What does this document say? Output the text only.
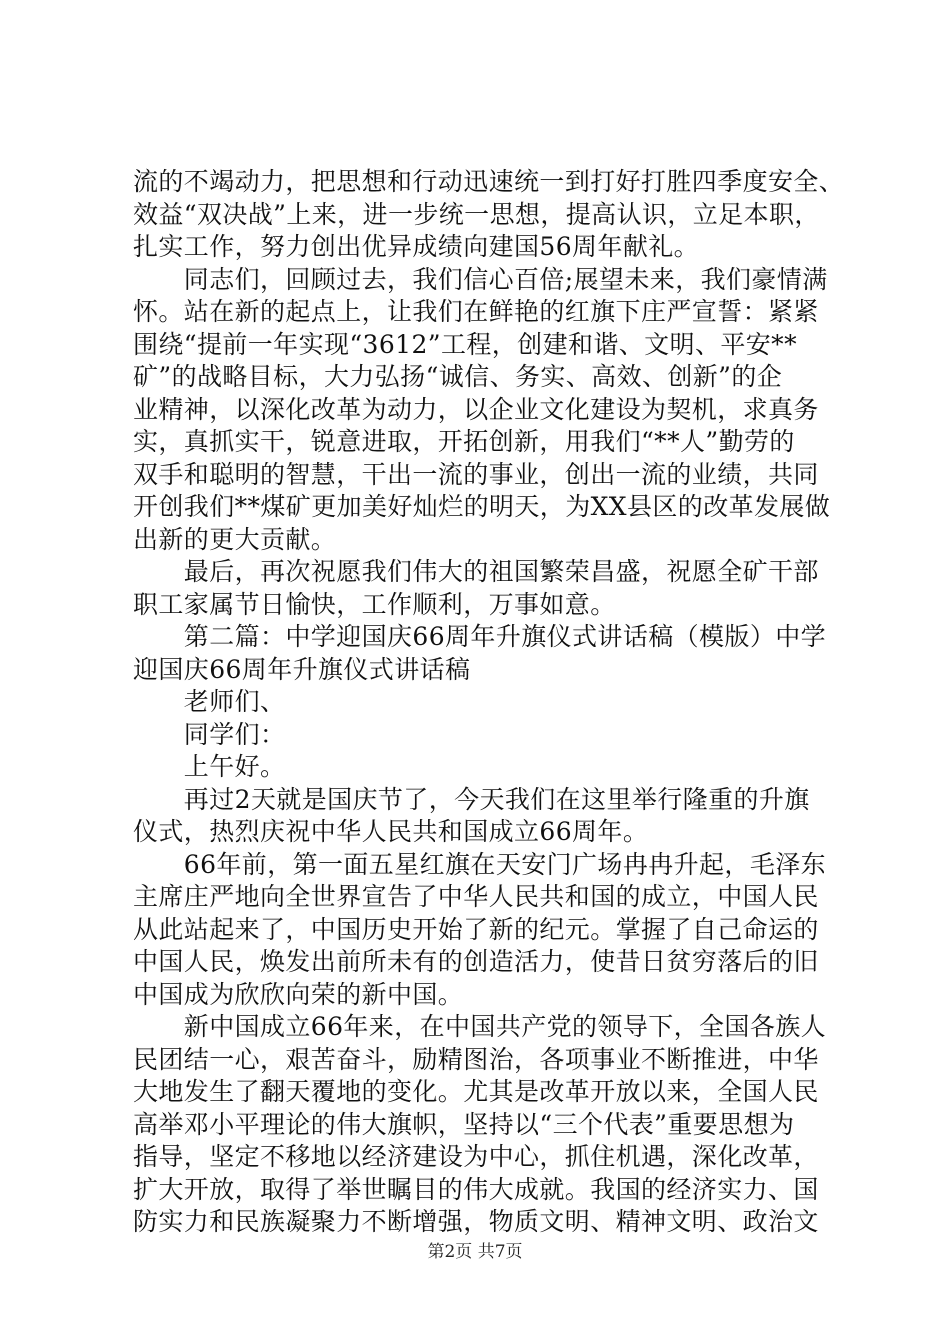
流的不竭动力，把思想和行动迅速统一到打好打胜四季度安全、
效益“双决战”上来，进一步统一思想，提高认识，立足本职，
扎实工作，努力创出优异成绩向建国56周年献礼。
　　同志们，回顾过去，我们信心百倍;展望未来，我们豪情满
怀。站在新的起点上，让我们在鲜艳的红旗下庄严宣誓：紧紧
围绕“提前一年实现“3612”工程，创建和谐、文明、平安**
矿”的战略目标，大力弘扬“诚信、务实、高效、创新”的企
业精神，以深化改革为动力，以企业文化建设为契机，求真务
实，真抓实干，锐意进取，开拓创新，用我们“**人”勤劳的
双手和聪明的智慧，干出一流的事业，创出一流的业绩，共同
开创我们**煤矿更加美好灿烂的明天，为XX县区的改革发展做
出新的更大贡献。
　　最后，再次祝愿我们伟大的祖国繁荣昌盛，祝愿全矿干部
职工家属节日愉快，工作顺利，万事如意。
　　第二篇：中学迎国庆66周年升旗仪式讲话稿（模版）中学
迎国庆66周年升旗仪式讲话稿
　　老师们、
　　同学们：
　　上午好。
　　再过2天就是国庆节了，今天我们在这里举行隆重的升旗
仪式，热烈庆祝中华人民共和国成立66周年。
　　66年前，第一面五星红旗在天安门广场冉冉升起，毛泽东
主席庄严地向全世界宣告了中华人民共和国的成立，中国人民
从此站起来了，中国历史开始了新的纪元。掌握了自己命运的
中国人民，焕发出前所未有的创造活力，使昔日贫穷落后的旧
中国成为欣欣向荣的新中国。
　　新中国成立66年来，在中国共产党的领导下，全国各族人
民团结一心，艰苦奋斗，励精图治，各项事业不断推进，中华
大地发生了翻天覆地的变化。尤其是改革开放以来，全国人民
高举邓小平理论的伟大旗帜，坚持以“三个代表”重要思想为
指导，坚定不移地以经济建设为中心，抓住机遇，深化改革，
扩大开放，取得了举世瞩目的伟大成就。我国的经济实力、国
防实力和民族凝聚力不断增强，物质文明、精神文明、政治文
第2页 共7页
